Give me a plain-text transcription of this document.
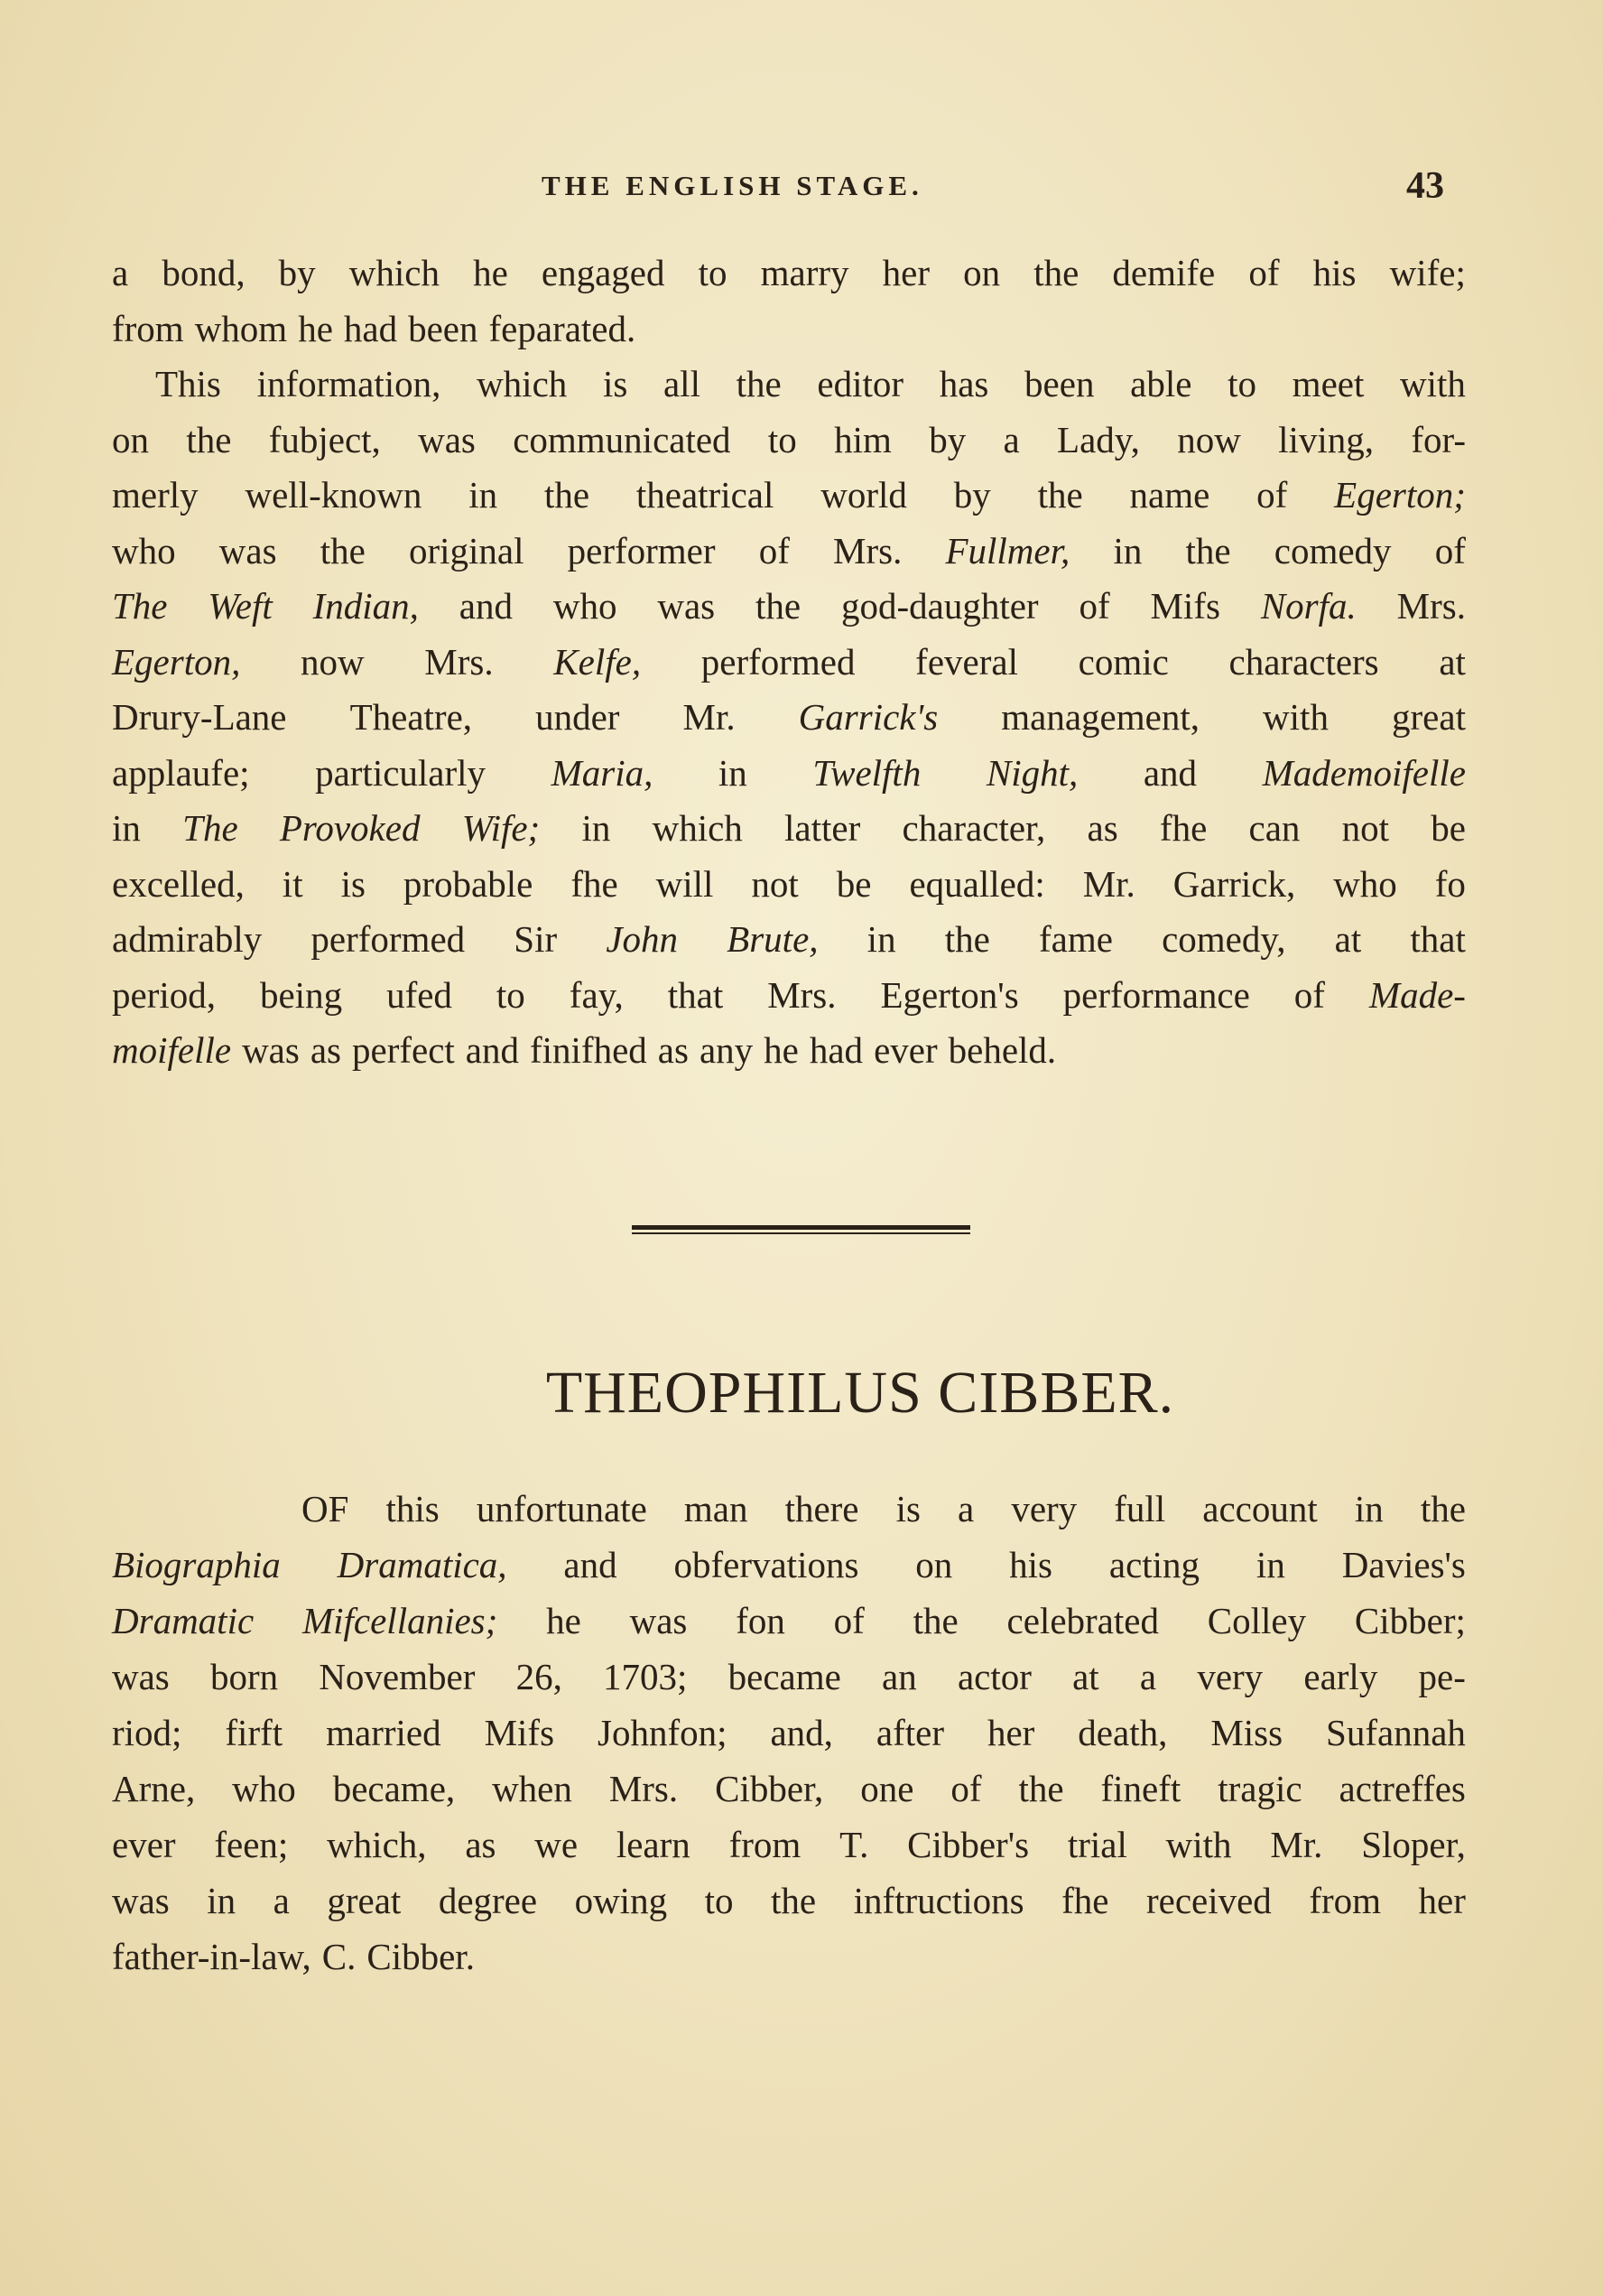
THE ENGLISH STAGE.	43
a bond, by which he engaged to marry her on the demife of his wife;
from whom he had been feparated.
This information, which is all the editor has been able to meet with
on the fubject, was communicated to him by a Lady, now living, for-
merly well-known in the theatrical world by the name of Egerton;
who was the original performer of Mrs. Fullmer, in the comedy of
The Weft Indian, and who was the god-daughter of Mifs Norfa. Mrs.
Egerton, now Mrs. Kelfe, performed feveral comic characters at
Drury-Lane Theatre, under Mr. Garrick's management, with great
applaufe; particularly Maria, in Twelfth Night, and Mademoifelle
in The Provoked Wife; in which latter character, as fhe can not be
excelled, it is probable fhe will not be equalled: Mr. Garrick, who fo
admirably performed Sir John Brute, in the fame comedy, at that
period, being ufed to fay, that Mrs. Egerton's performance of Made-
moifelle was as perfect and finifhed as any he had ever beheld.
THEOPHILUS CIBBER.
OF this unfortunate man there is a very full account in the
Biographia Dramatica, and obfervations on his acting in Davies's
Dramatic Mifcellanies; he was fon of the celebrated Colley Cibber;
was born November 26, 1703; became an actor at a very early pe-
riod; firft married Mifs Johnfon; and, after her death, Miss Sufannah
Arne, who became, when Mrs. Cibber, one of the fineft tragic actreffes
ever feen; which, as we learn from T. Cibber's trial with Mr. Sloper,
was in a great degree owing to the inftructions fhe received from her
father-in-law, C. Cibber.
